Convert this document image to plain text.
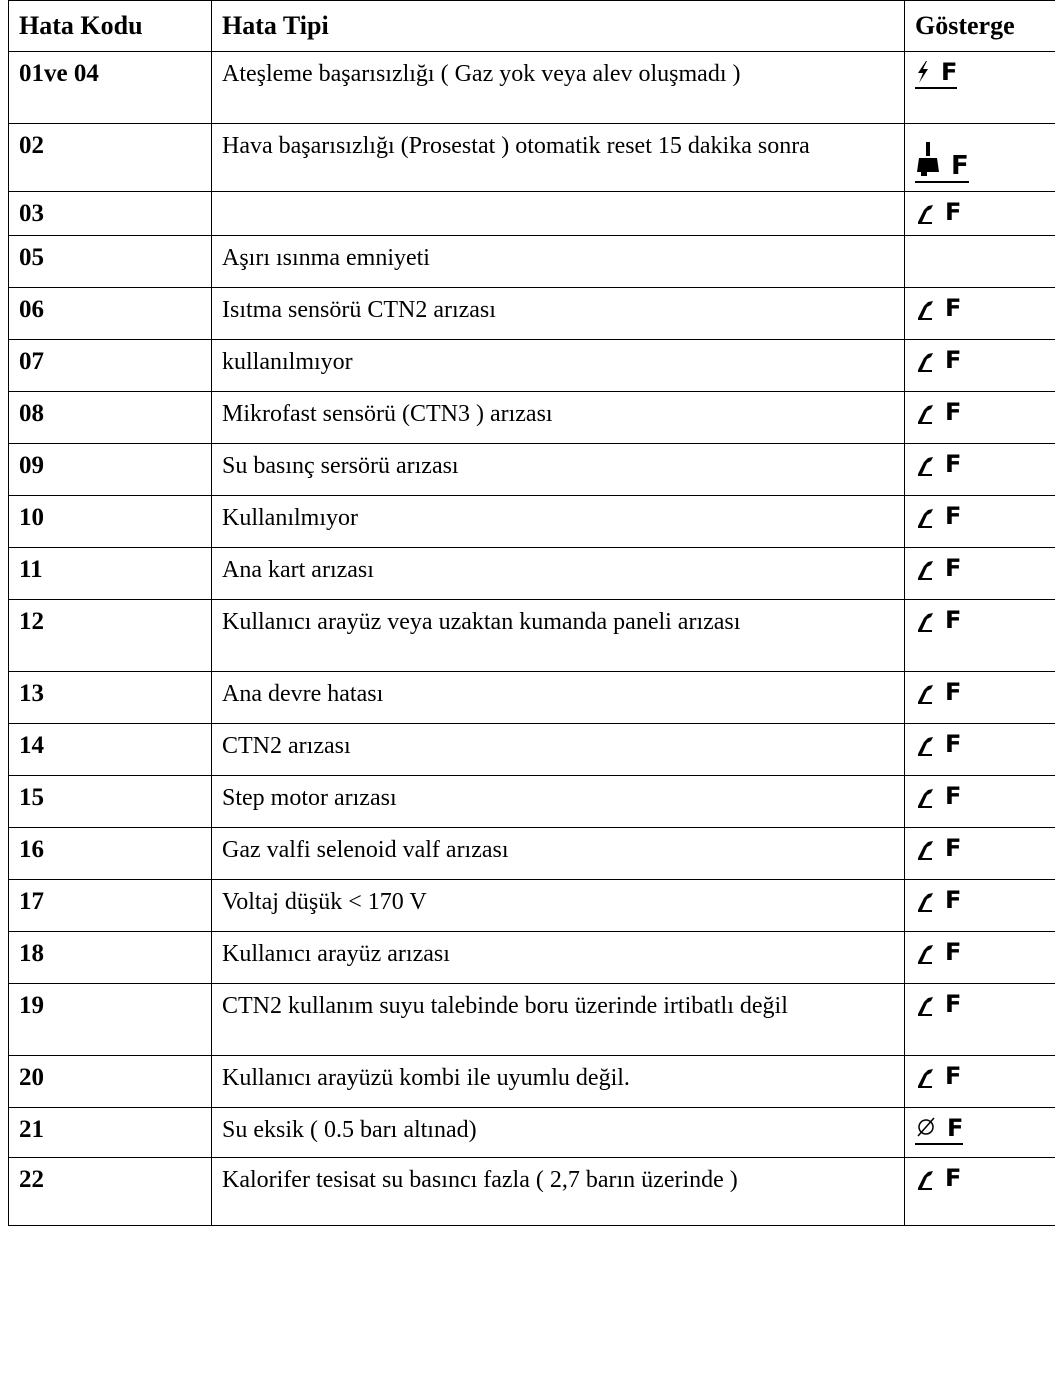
Hata Kodu	Hata Tipi	Gösterge
01ve 04	Ateşleme başarısızlığı ( Gaz yok veya alev oluşmadı )	F

02	Hava başarısızlığı (Prosestat ) otomatik reset 15 dakika sonra	F

03		F

05	Aşırı ısınma emniyeti	
06	Isıtma sensörü CTN2 arızası	F

07	kullanılmıyor	F

08	Mikrofast sensörü (CTN3 ) arızası	F

09	Su basınç sersörü arızası	F

10	Kullanılmıyor	F

11	Ana kart arızası	F

12	Kullanıcı arayüz veya uzaktan kumanda paneli arızası	F

13	Ana devre hatası	F

14	CTN2 arızası	F

15	Step motor arızası	F

16	Gaz valfi selenoid valf arızası	F

17	Voltaj düşük < 170 V	F

18	Kullanıcı arayüz arızası	F

19	CTN2 kullanım suyu talebinde boru üzerinde irtibatlı değil	F

20	Kullanıcı arayüzü kombi ile uyumlu değil.	F

21	Su eksik ( 0.5 barı altınad)	F

22	Kalorifer tesisat su basıncı fazla ( 2,7 barın üzerinde )	F
